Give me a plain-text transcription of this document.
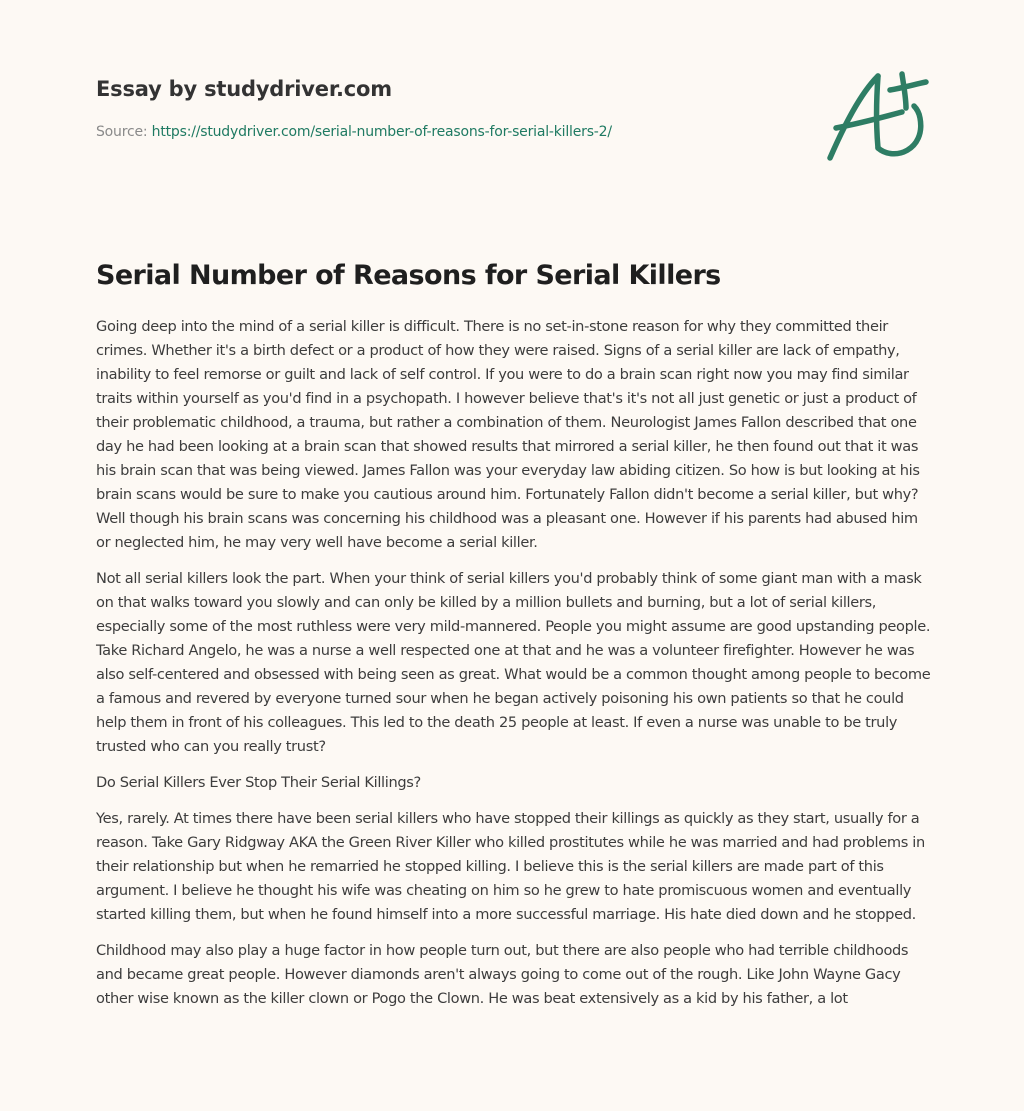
Essay by studydriver.com
Source: https://studydriver.com/serial-number-of-reasons-for-serial-killers-2/
Serial Number of Reasons for Serial Killers

Going deep into the mind of a serial killer is difficult. There is no set-in-stone reason for why they committed their crimes. Whether it's a birth defect or a product of how they were raised. Signs of a serial killer are lack of empathy, inability to feel remorse or guilt and lack of self control. If you were to do a brain scan right now you may find similar traits within yourself as you'd find in a psychopath. I however believe that's it's not all just genetic or just a product of their problematic childhood, a trauma, but rather a combination of them. Neurologist James Fallon described that one day he had been looking at a brain scan that showed results that mirrored a serial killer, he then found out that it was his brain scan that was being viewed. James Fallon was your everyday law abiding citizen. So how is but looking at his brain scans would be sure to make you cautious around him. Fortunately Fallon didn't become a serial killer, but why? Well though his brain scans was concerning his childhood was a pleasant one. However if his parents had abused him or neglected him, he may very well have become a serial killer.

Not all serial killers look the part. When your think of serial killers you'd probably think of some giant man with a mask on that walks toward you slowly and can only be killed by a million bullets and burning, but a lot of serial killers, especially some of the most ruthless were very mild-mannered. People you might assume are good upstanding people. Take Richard Angelo, he was a nurse a well respected one at that and he was a volunteer firefighter. However he was also self-centered and obsessed with being seen as great. What would be a common thought among people to become a famous and revered by everyone turned sour when he began actively poisoning his own patients so that he could help them in front of his colleagues. This led to the death 25 people at least. If even a nurse was unable to be truly trusted who can you really trust?

Do Serial Killers Ever Stop Their Serial Killings?

Yes, rarely. At times there have been serial killers who have stopped their killings as quickly as they start, usually for a reason. Take Gary Ridgway AKA the Green River Killer who killed prostitutes while he was married and had problems in their relationship but when he remarried he stopped killing. I believe this is the serial killers are made part of this argument. I believe he thought his wife was cheating on him so he grew to hate promiscuous women and eventually started killing them, but when he found himself into a more successful marriage. His hate died down and he stopped.

Childhood may also play a huge factor in how people turn out, but there are also people who had terrible childhoods and became great people. However diamonds aren't always going to come out of the rough. Like John Wayne Gacy other wise known as the killer clown or Pogo the Clown. He was beat extensively as a kid by his father, a lot
